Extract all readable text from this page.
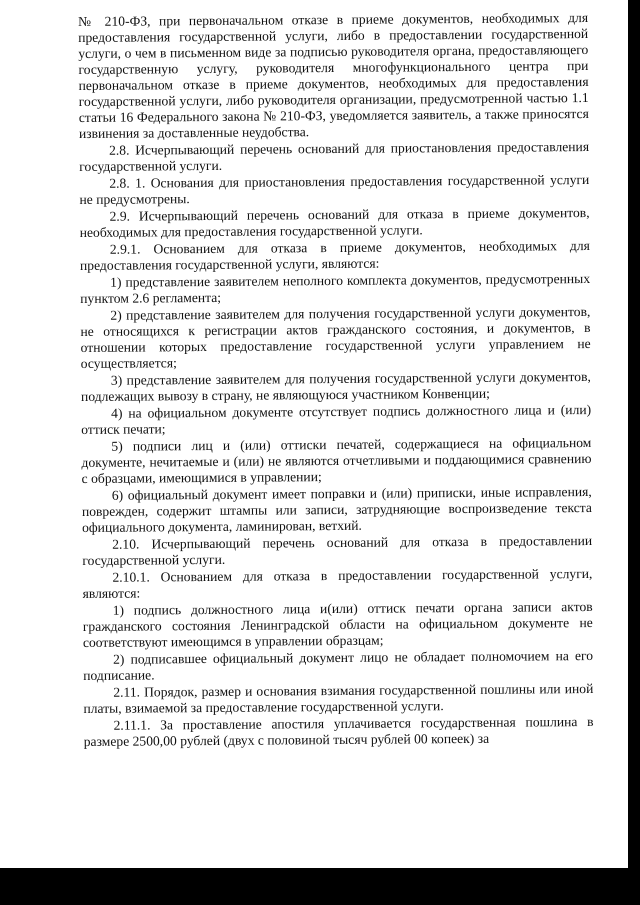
№ 210-ФЗ, при первоначальном отказе в приеме документов, необходимых для предоставления государственной услуги, либо в предоставлении государственной услуги, о чем в письменном виде за подписью руководителя органа, предоставляющего государственную услугу, руководителя многофункционального центра при первоначальном отказе в приеме документов, необходимых для предоставления государственной услуги, либо руководителя организации, предусмотренной частью 1.1 статьи 16 Федерального закона № 210-ФЗ, уведомляется заявитель, а также приносятся извинения за доставленные неудобства.

2.8. Исчерпывающий перечень оснований для приостановления предоставления государственной услуги.

2.8. 1. Основания для приостановления предоставления государственной услуги не предусмотрены.

2.9. Исчерпывающий перечень оснований для отказа в приеме документов, необходимых для предоставления государственной услуги.

2.9.1. Основанием для отказа в приеме документов, необходимых для предоставления государственной услуги, являются:

1) представление заявителем неполного комплекта документов, предусмотренных пунктом 2.6 регламента;

2) представление заявителем для получения государственной услуги документов, не относящихся к регистрации актов гражданского состояния, и документов, в отношении которых предоставление государственной услуги управлением не осуществляется;

3) представление заявителем для получения государственной услуги документов, подлежащих вывозу в страну, не являющуюся участником Конвенции;

4) на официальном документе отсутствует подпись должностного лица и (или) оттиск печати;

5) подписи лиц и (или) оттиски печатей, содержащиеся на официальном документе, нечитаемые и (или) не являются отчетливыми и поддающимися сравнению с образцами, имеющимися в управлении;

6) официальный документ имеет поправки и (или) приписки, иные исправления, поврежден, содержит штампы или записи, затрудняющие воспроизведение текста официального документа, ламинирован, ветхий.

2.10. Исчерпывающий перечень оснований для отказа в предоставлении государственной услуги.

2.10.1. Основанием для отказа в предоставлении государственной услуги, являются:

1) подпись должностного лица и(или) оттиск печати органа записи актов гражданского состояния Ленинградской области на официальном документе не соответствуют имеющимся в управлении образцам;

2) подписавшее официальный документ лицо не обладает полномочием на его подписание.

2.11. Порядок, размер и основания взимания государственной пошлины или иной платы, взимаемой за предоставление государственной услуги.

2.11.1. За проставление апостиля уплачивается государственная пошлина в размере 2500,00 рублей (двух с половиной тысяч рублей 00 копеек) за
